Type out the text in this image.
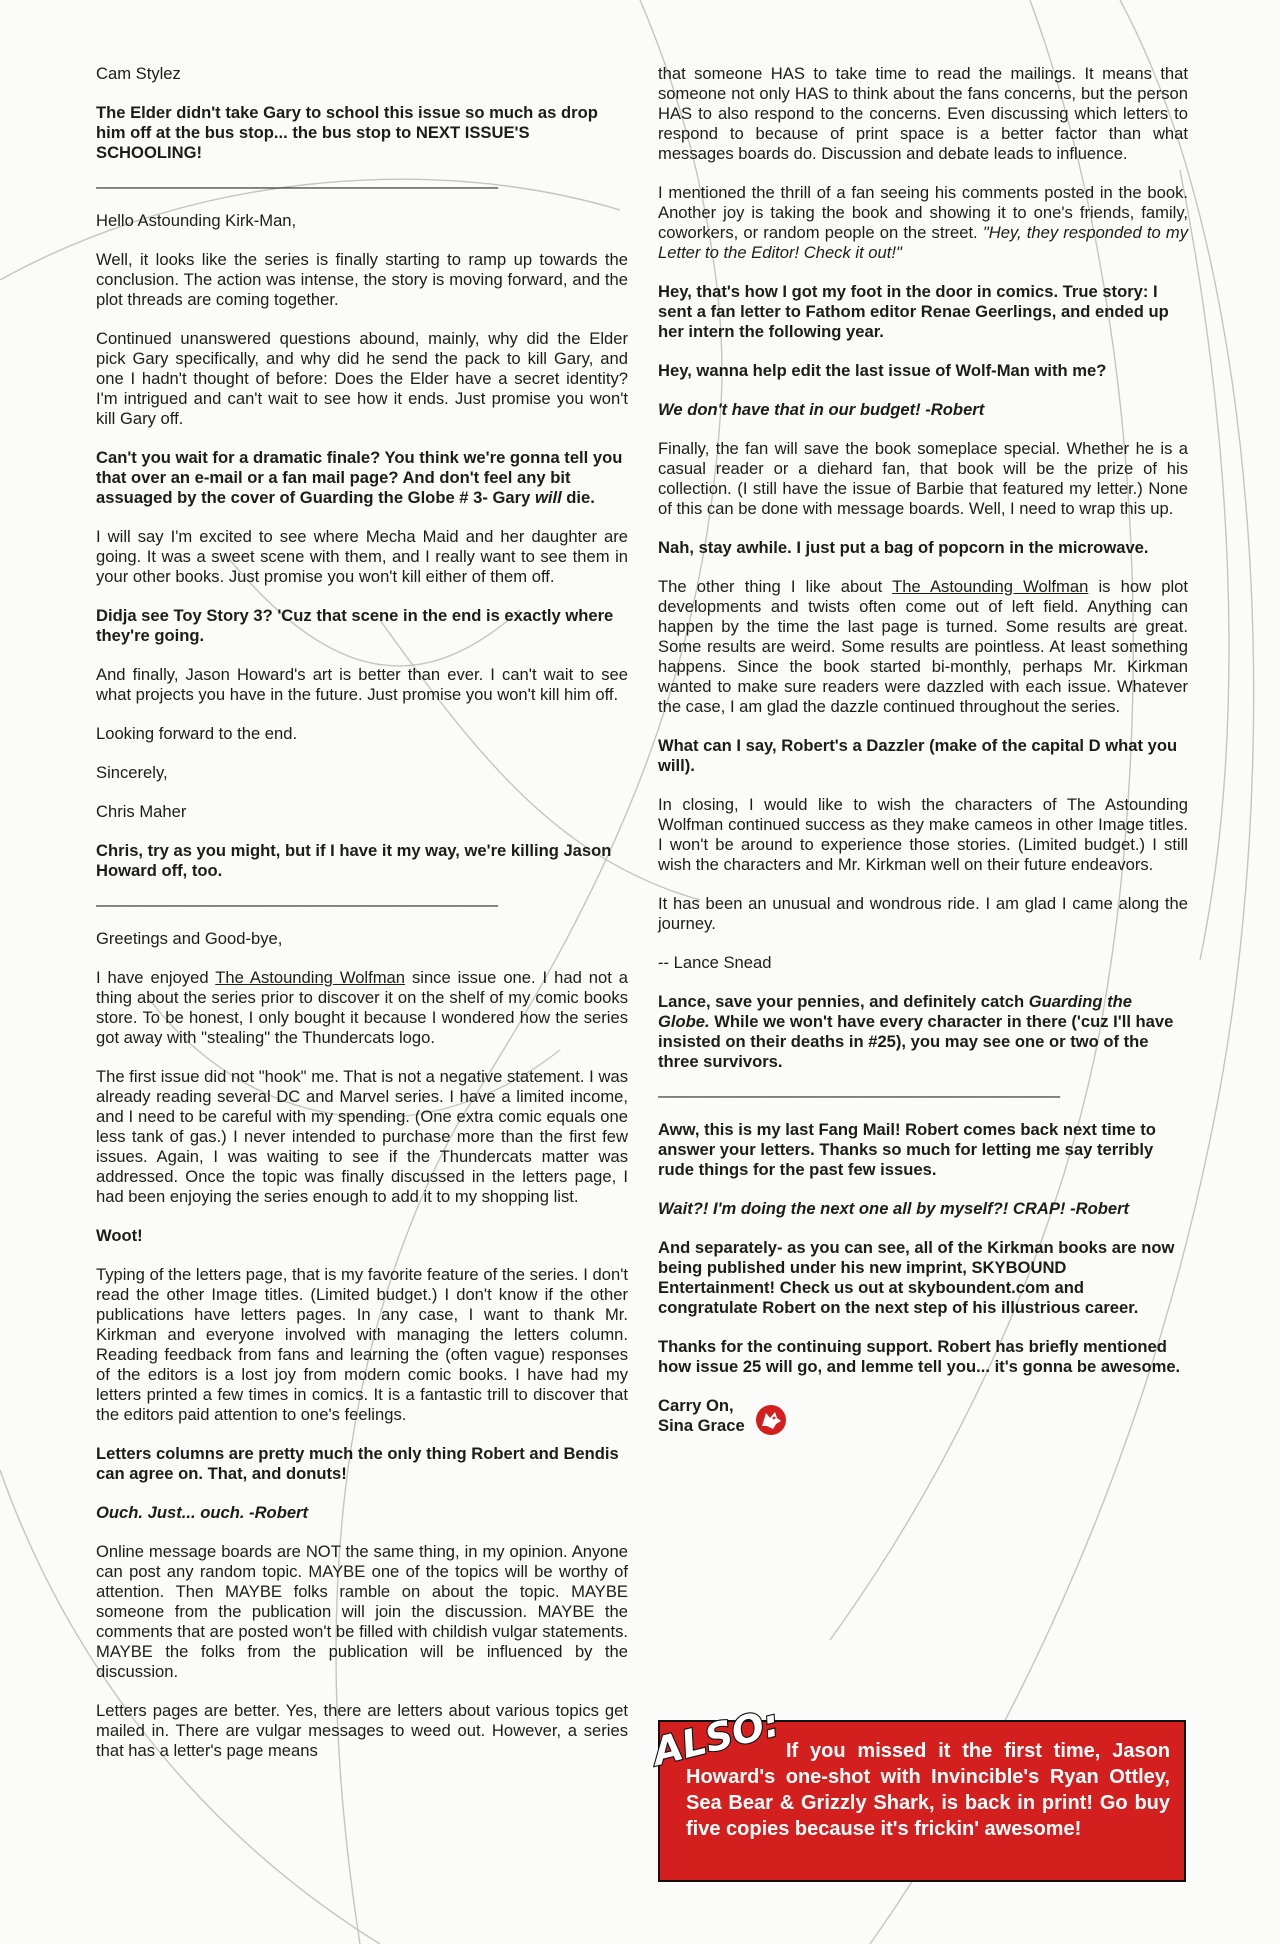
Cam Stylez

The Elder didn't take Gary to school this issue so much as drop him off at the bus stop... the bus stop to NEXT ISSUE'S SCHOOLING!

______________________________________________

Hello Astounding Kirk-Man,

Well, it looks like the series is finally starting to ramp up towards the conclusion. The action was intense, the story is moving forward, and the plot threads are coming together.

Continued unanswered questions abound, mainly, why did the Elder pick Gary specifically, and why did he send the pack to kill Gary, and one I hadn't thought of before: Does the Elder have a secret identity? I'm intrigued and can't wait to see how it ends. Just promise you won't kill Gary off.

Can't you wait for a dramatic finale? You think we're gonna tell you that over an e-mail or a fan mail page? And don't feel any bit assuaged by the cover of Guarding the Globe # 3- Gary will die.

I will say I'm excited to see where Mecha Maid and her daughter are going. It was a sweet scene with them, and I really want to see them in your other books. Just promise you won't kill either of them off.

Didja see Toy Story 3? 'Cuz that scene in the end is exactly where they're going.

And finally, Jason Howard's art is better than ever. I can't wait to see what projects you have in the future. Just promise you won't kill him off.

Looking forward to the end.

Sincerely,

Chris Maher

Chris, try as you might, but if I have it my way, we're killing Jason Howard off, too.

______________________________________________

Greetings and Good-bye,

I have enjoyed The Astounding Wolfman since issue one. I had not a thing about the series prior to discover it on the shelf of my comic books store. To be honest, I only bought it because I wondered how the series got away with "stealing" the Thundercats logo.

The first issue did not "hook" me. That is not a negative statement. I was already reading several DC and Marvel series. I have a limited income, and I need to be careful with my spending. (One extra comic equals one less tank of gas.) I never intended to purchase more than the first few issues. Again, I was waiting to see if the Thundercats matter was addressed. Once the topic was finally discussed in the letters page, I had been enjoying the series enough to add it to my shopping list.

Woot!

Typing of the letters page, that is my favorite feature of the series. I don't read the other Image titles. (Limited budget.) I don't know if the other publications have letters pages. In any case, I want to thank Mr. Kirkman and everyone involved with managing the letters column. Reading feedback from fans and learning the (often vague) responses of the editors is a lost joy from modern comic books. I have had my letters printed a few times in comics. It is a fantastic trill to discover that the editors paid attention to one's feelings.

Letters columns are pretty much the only thing Robert and Bendis can agree on. That, and donuts!

Ouch. Just... ouch. -Robert

Online message boards are NOT the same thing, in my opinion. Anyone can post any random topic. MAYBE one of the topics will be worthy of attention. Then MAYBE folks ramble on about the topic. MAYBE someone from the publication will join the discussion. MAYBE the comments that are posted won't be filled with childish vulgar statements. MAYBE the folks from the publication will be influenced by the discussion.

Letters pages are better. Yes, there are letters about various topics get mailed in. There are vulgar messages to weed out. However, a series that has a letter's page means

that someone HAS to take time to read the mailings. It means that someone not only HAS to think about the fans concerns, but the person HAS to also respond to the concerns. Even discussing which letters to respond to because of print space is a better factor than what messages boards do. Discussion and debate leads to influence.

I mentioned the thrill of a fan seeing his comments posted in the book. Another joy is taking the book and showing it to one's friends, family, coworkers, or random people on the street. "Hey, they responded to my Letter to the Editor! Check it out!"

Hey, that's how I got my foot in the door in comics. True story: I sent a fan letter to Fathom editor Renae Geerlings, and ended up her intern the following year.

Hey, wanna help edit the last issue of Wolf-Man with me?

We don't have that in our budget! -Robert

Finally, the fan will save the book someplace special. Whether he is a casual reader or a diehard fan, that book will be the prize of his collection. (I still have the issue of Barbie that featured my letter.) None of this can be done with message boards. Well, I need to wrap this up.

Nah, stay awhile. I just put a bag of popcorn in the microwave.

The other thing I like about The Astounding Wolfman is how plot developments and twists often come out of left field. Anything can happen by the time the last page is turned. Some results are great. Some results are weird. Some results are pointless. At least something happens. Since the book started bi-monthly, perhaps Mr. Kirkman wanted to make sure readers were dazzled with each issue. Whatever the case, I am glad the dazzle continued throughout the series.

What can I say, Robert's a Dazzler (make of the capital D what you will).

In closing, I would like to wish the characters of The Astounding Wolfman continued success as they make cameos in other Image titles. I won't be around to experience those stories. (Limited budget.) I still wish the characters and Mr. Kirkman well on their future endeavors.

It has been an unusual and wondrous ride. I am glad I came along the journey.

-- Lance Snead

Lance, save your pennies, and definitely catch Guarding the Globe. While we won't have every character in there ('cuz I'll have insisted on their deaths in #25), you may see one or two of the three survivors.

______________________________________________

Aww, this is my last Fang Mail! Robert comes back next time to answer your letters. Thanks so much for letting me say terribly rude things for the past few issues.

Wait?! I'm doing the next one all by myself?! CRAP! -Robert

And separately- as you can see, all of the Kirkman books are now being published under his new imprint, SKYBOUND Entertainment! Check us out at skyboundent.com and congratulate Robert on the next step of his illustrious career.

Thanks for the continuing support. Robert has briefly mentioned how issue 25 will go, and lemme tell you... it's gonna be awesome.

Carry On,
Sina Grace
If you missed it the first time, Jason Howard's one-shot with Invincible's Ryan Ottley, Sea Bear & Grizzly Shark, is back in print! Go buy five copies because it's frickin' awesome!
ALSO:
